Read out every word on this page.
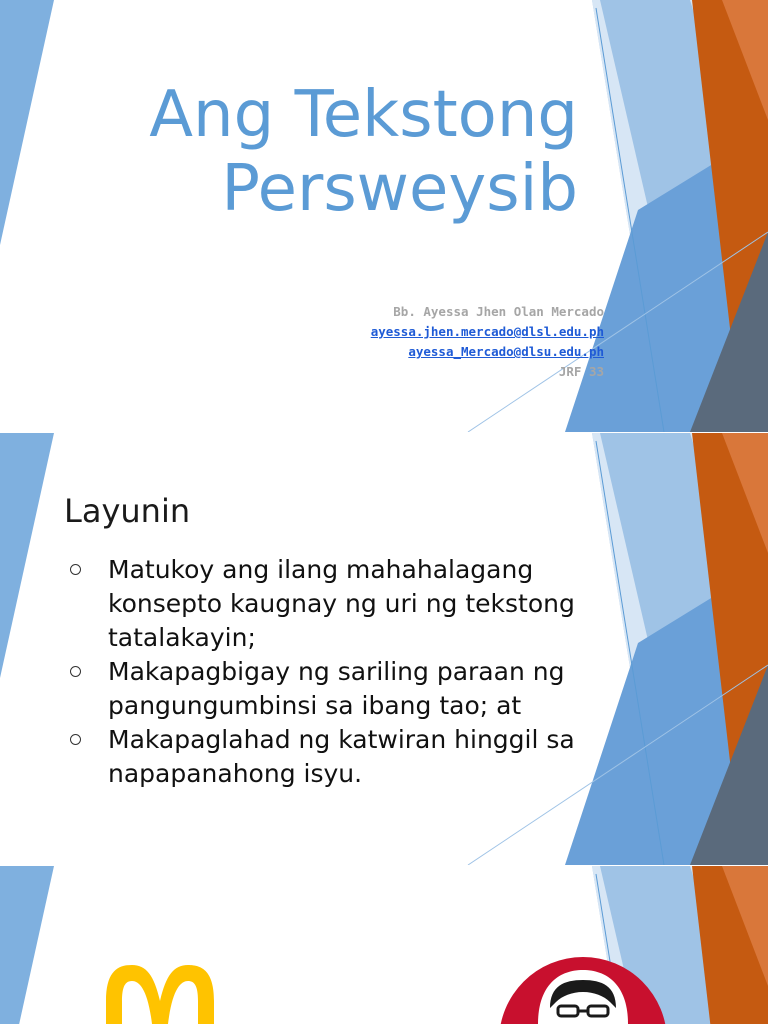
Ang Tekstong
Persweysib
Bb. Ayessa Jhen Olan Mercado
ayessa.jhen.mercado@dlsl.edu.ph
ayessa_Mercado@dlsu.edu.ph
JRF 33
Layunin
Matukoy ang ilang mahahalagang konsepto kaugnay ng uri ng tekstong tatalakayin;
Makapagbigay ng sariling paraan ng pangungumbinsi sa ibang tao; at
Makapaglahad ng katwiran hinggil sa napapanahong isyu.
